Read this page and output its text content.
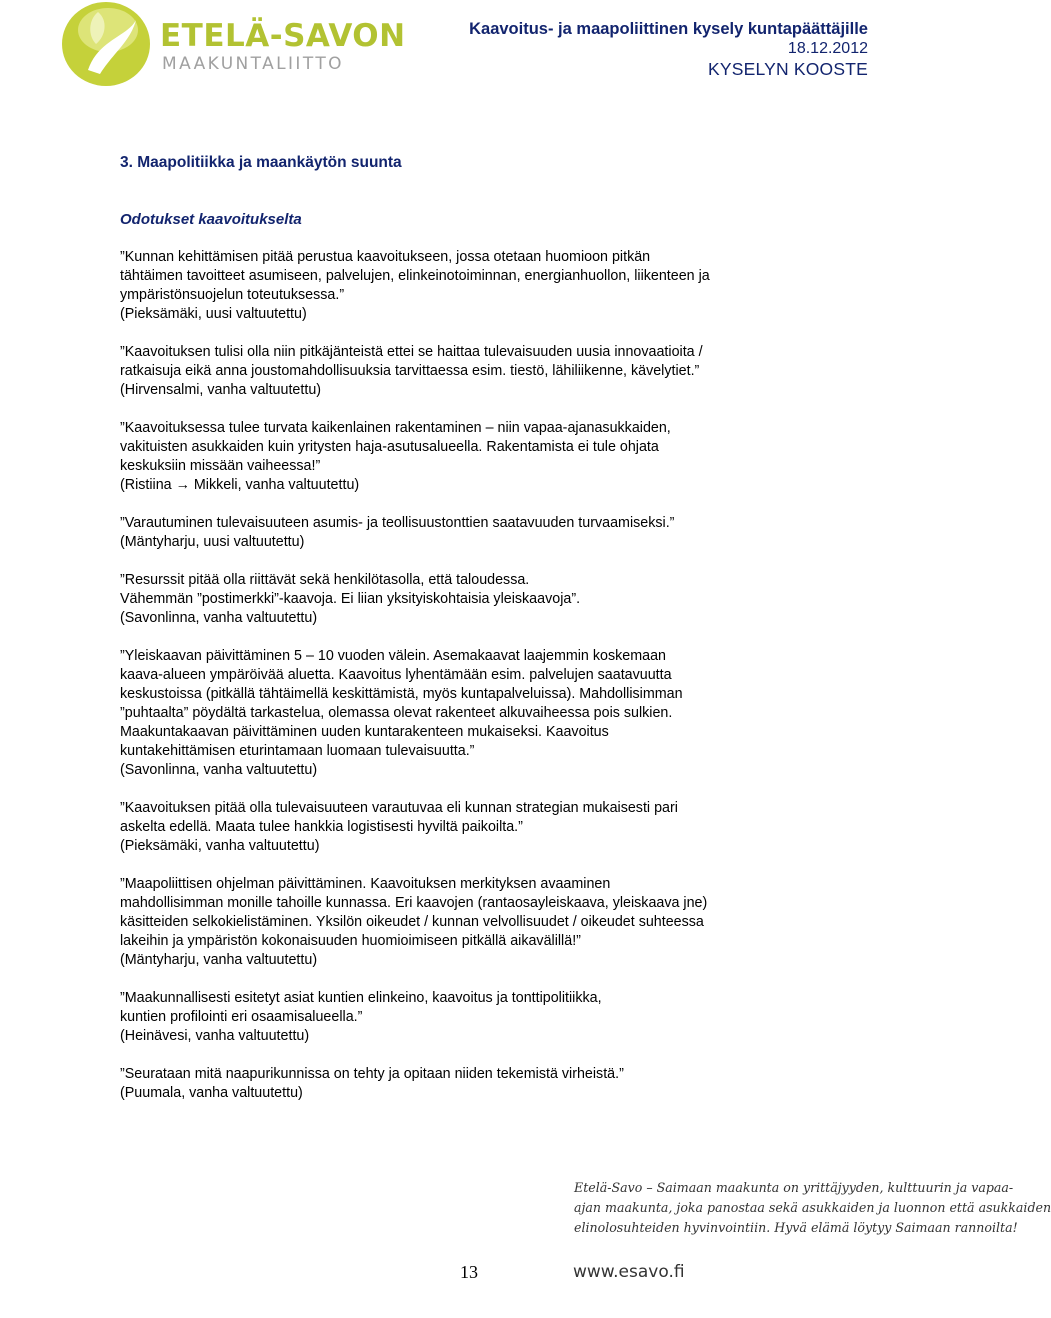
ETELÄ-SAVON
MAAKUNTALIITTO
Kaavoitus- ja maapoliittinen kysely kuntapäättäjille
18.12.2012
KYSELYN KOOSTE
3. Maapolitiikka ja maankäytön suunta
Odotukset kaavoitukselta

”Kunnan kehittämisen pitää perustua kaavoitukseen, jossa otetaan huomioon pitkän

tähtäimen tavoitteet asumiseen, palvelujen, elinkeinotoiminnan, energianhuollon, liikenteen ja

ympäristönsuojelun toteutuksessa.”

(Pieksämäki, uusi valtuutettu)

”Kaavoituksen tulisi olla niin pitkäjänteistä ettei se haittaa tulevaisuuden uusia innovaatioita /

ratkaisuja eikä anna joustomahdollisuuksia tarvittaessa esim. tiestö, lähiliikenne, kävelytiet.”

(Hirvensalmi, vanha valtuutettu)

”Kaavoituksessa tulee turvata kaikenlainen rakentaminen – niin vapaa-ajanasukkaiden,

vakituisten asukkaiden kuin yritysten haja-asutusalueella. Rakentamista ei tule ohjata

keskuksiin missään vaiheessa!”

(Ristiina → Mikkeli, vanha valtuutettu)

”Varautuminen tulevaisuuteen asumis- ja teollisuustonttien saatavuuden turvaamiseksi.”

(Mäntyharju, uusi valtuutettu)

”Resurssit pitää olla riittävät sekä henkilötasolla, että taloudessa.

Vähemmän ”postimerkki”-kaavoja. Ei liian yksityiskohtaisia yleiskaavoja”.

(Savonlinna, vanha valtuutettu)

”Yleiskaavan päivittäminen 5 – 10 vuoden välein. Asemakaavat laajemmin koskemaan

kaava-alueen ympäröivää aluetta. Kaavoitus lyhentämään esim. palvelujen saatavuutta

keskustoissa (pitkällä tähtäimellä keskittämistä, myös kuntapalveluissa). Mahdollisimman

”puhtaalta” pöydältä tarkastelua, olemassa olevat rakenteet alkuvaiheessa pois sulkien.

Maakuntakaavan päivittäminen uuden kuntarakenteen mukaiseksi. Kaavoitus

kuntakehittämisen eturintamaan luomaan tulevaisuutta.”

(Savonlinna, vanha valtuutettu)

”Kaavoituksen pitää olla tulevaisuuteen varautuvaa eli kunnan strategian mukaisesti pari

askelta edellä. Maata tulee hankkia logistisesti hyviltä paikoilta.”

(Pieksämäki, vanha valtuutettu)

”Maapoliittisen ohjelman päivittäminen. Kaavoituksen merkityksen avaaminen

mahdollisimman monille tahoille kunnassa. Eri kaavojen (rantaosayleiskaava, yleiskaava jne)

käsitteiden selkokielistäminen. Yksilön oikeudet / kunnan velvollisuudet / oikeudet suhteessa

lakeihin ja ympäristön kokonaisuuden huomioimiseen pitkällä aikavälillä!”

(Mäntyharju, vanha valtuutettu)

”Maakunnallisesti esitetyt asiat kuntien elinkeino, kaavoitus ja tonttipolitiikka,

kuntien profilointi eri osaamisalueella.”

(Heinävesi, vanha valtuutettu)

”Seurataan mitä naapurikunnissa on tehty ja opitaan niiden tekemistä virheistä.”

(Puumala, vanha valtuutettu)

Etelä-Savo – Saimaan maakunta on yrittäjyyden, kulttuurin ja vapaa-

ajan maakunta, joka panostaa sekä asukkaiden ja luonnon että asukkaiden

elinolosuhteiden hyvinvointiin. Hyvä elämä löytyy Saimaan rannoilta!

13	www.esavo.fi
